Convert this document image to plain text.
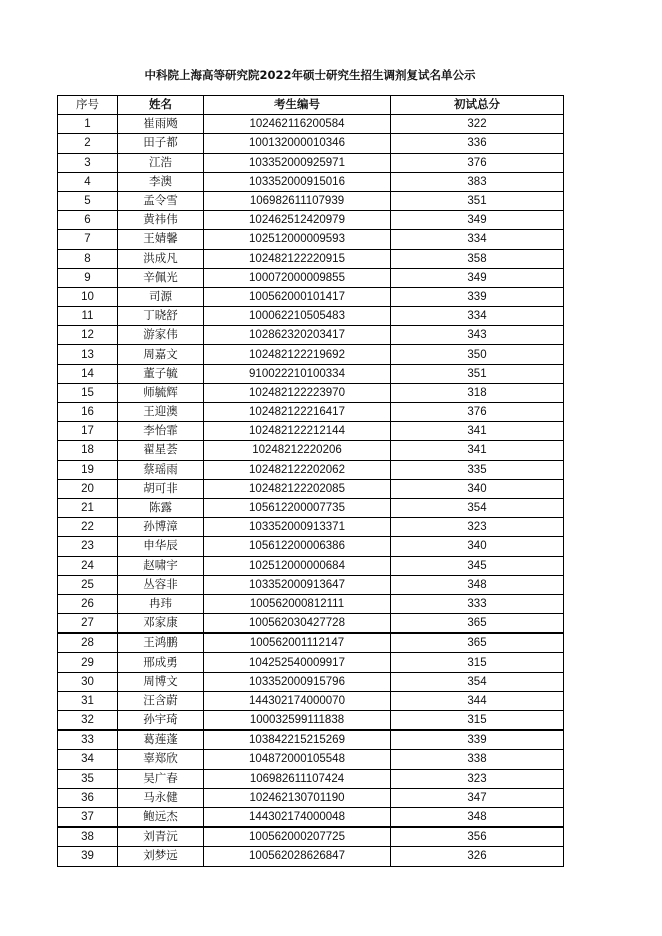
中科院上海高等研究院2022年硕士研究生招生调剂复试名单公示
序号	姓名	考生编号	初试总分
1	崔雨飏	102462116200584	322
2	田子都	100132000010346	336
3	江浩	103352000925971	376
4	李澳	103352000915016	383
5	孟令雪	106982611107939	351
6	黄祎伟	102462512420979	349
7	王婧馨	102512000009593	334
8	洪成凡	102482122220915	358
9	辛佩光	100072000009855	349
10	司源	100562000101417	339
11	丁晓舒	100062210505483	334
12	游家伟	102862320203417	343
13	周嘉文	102482122219692	350
14	董子毓	910022210100334	351
15	师毓辉	102482122223970	318
16	王迎澳	102482122216417	376
17	李怡霏	102482122212144	341
18	翟星荟	10248212220206	341
19	蔡瑶雨	102482122202062	335
20	胡可非	102482122202085	340
21	陈露	105612200007735	354
22	孙博漳	103352000913371	323
23	申华辰	105612200006386	340
24	赵啸宇	102512000000684	345
25	丛容非	103352000913647	348
26	冉玮	100562000812111	333
27	邓家康	100562030427728	365
28	王鸿鹏	100562001112147	365
29	邢成勇	104252540009917	315
30	周博文	103352000915796	354
31	汪含蔚	144302174000070	344
32	孙宇琦	100032599111838	315
33	葛莲蓬	103842215215269	339
34	辜郑欣	104872000105548	338
35	吴广春	106982611107424	323
36	马永健	102462130701190	347
37	鲍远杰	144302174000048	348
38	刘青沅	100562000207725	356
39	刘梦远	100562028626847	326
